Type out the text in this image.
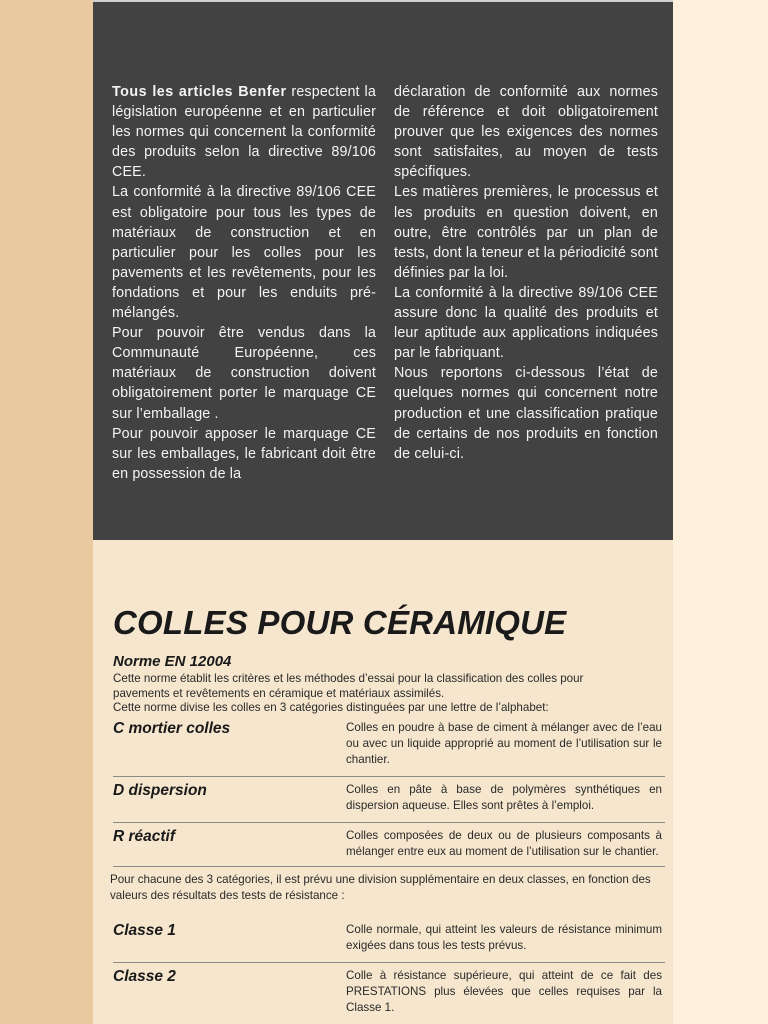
Tous les articles Benfer respectent la législation européenne et en particulier les normes qui concernent la conformité des produits selon la directive 89/106 CEE.

La conformité à la directive 89/106 CEE est obligatoire pour tous les types de matériaux de construction et en particulier pour les colles pour les pavements et les revêtements, pour les fondations et pour les enduits pré-mélangés.

Pour pouvoir être vendus dans la Communauté Européenne, ces matériaux de construction doivent obligatoirement porter le marquage CE sur l’emballage .

Pour pouvoir apposer le marquage CE sur les emballages, le fabricant doit être en possession de la

déclaration de conformité aux normes de référence et doit obligatoirement prouver que les exigences des normes sont satisfaites, au moyen de tests spécifiques.

Les matières premières, le processus et les produits en question doivent, en outre, être contrôlés par un plan de tests, dont la teneur et la périodicité sont définies par la loi.

La conformité à la directive 89/106 CEE assure donc la qualité des produits et leur aptitude aux applications indiquées par le fabriquant.

Nous reportons ci-dessous l’état de quelques normes qui concernent notre production et une classification pratique de certains de nos produits en fonction de celui-ci.

COLLES POUR CÉRAMIQUE
Norme EN 12004

Cette norme établit les critères et les méthodes d’essai pour la classification des colles pour
pavements et revêtements en céramique et matériaux assimilés.
Cette norme divise les colles en 3 catégories distinguées par une lettre de l’alphabet:

C mortier colles	Colles en poudre à base de ciment à mélanger avec de l’eau ou avec un liquide approprié au moment de l’utilisation sur le chantier.

D dispersion	Colles en pâte à base de polymères synthétiques en dispersion aqueuse. Elles sont prêtes à l’emploi.

R réactif	Colles composées de deux ou de plusieurs composants à mélanger entre eux au moment de l’utilisation sur le chantier.

Pour chacune des 3 catégories, il est prévu une division supplémentaire en deux classes, en fonction des valeurs des résultats des tests de résistance :

Classe 1	Colle normale, qui atteint les valeurs de résistance minimum exigées dans tous les tests prévus.

Classe 2	Colle à résistance supérieure, qui atteint de ce fait des PRESTATIONS plus élevées que celles requises par la Classe 1.
